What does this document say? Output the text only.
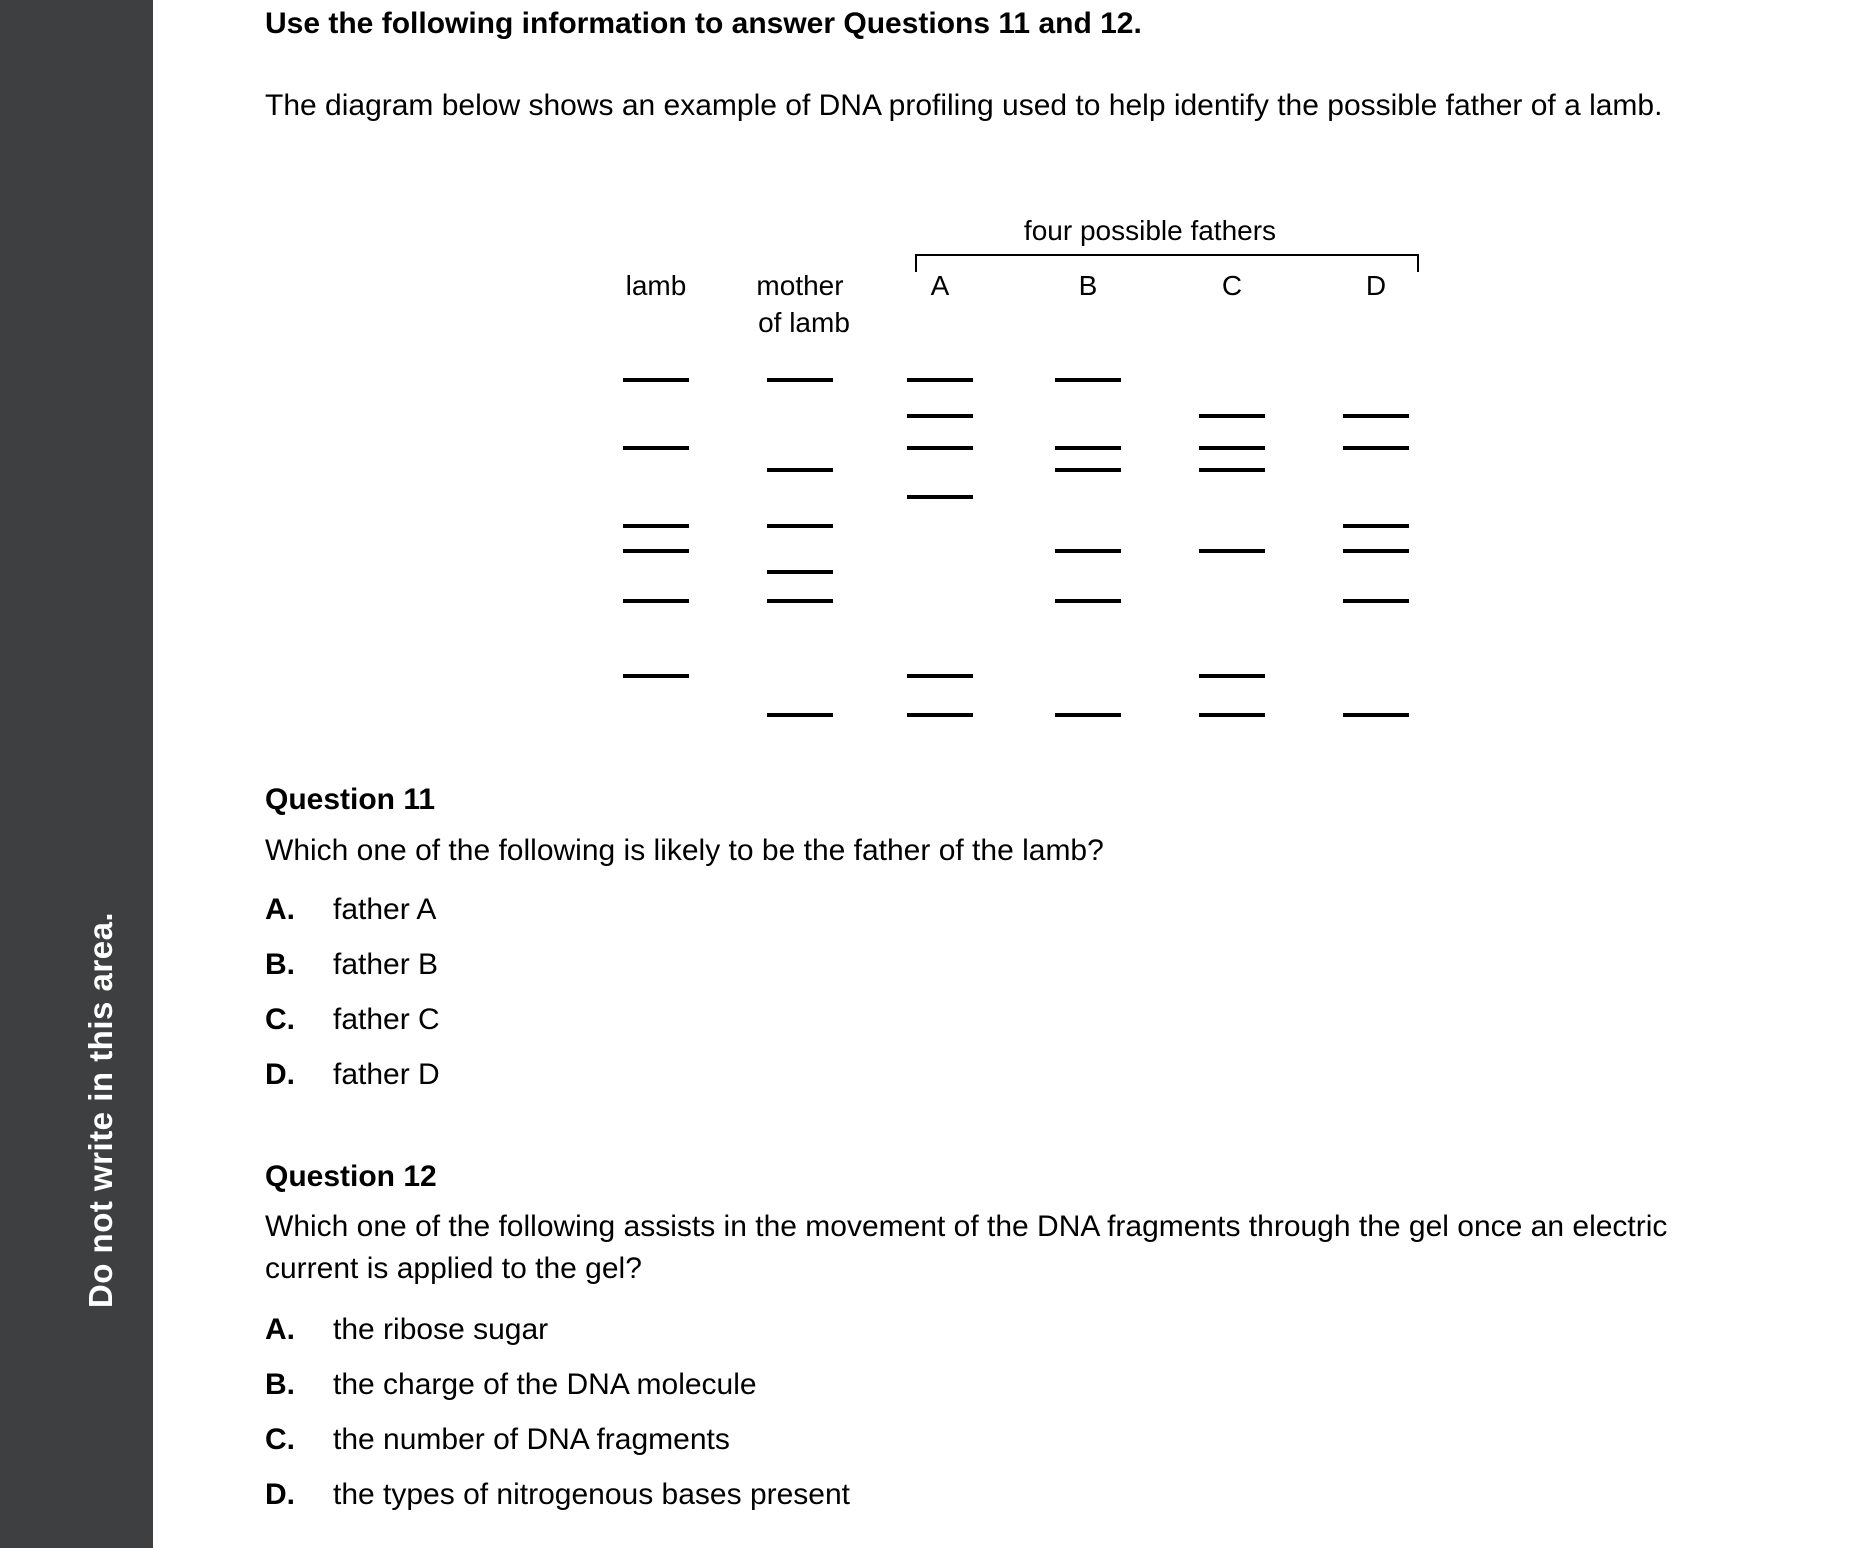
Do not write in this area.
Use the following information to answer Questions 11 and 12.
The diagram below shows an example of DNA profiling used to help identify the possible father of a lamb.
four possible fathers
lamb	mother
of lamb
A	B	C	D
Question 11
Which one of the following is likely to be the father of the lamb?
A. father A
B. father B
C. father C
D. father D
Question 12
Which one of the following assists in the movement of the DNA fragments through the gel once an electric current is applied to the gel?
A. the ribose sugar
B. the charge of the DNA molecule
C. the number of DNA fragments
D. the types of nitrogenous bases present
